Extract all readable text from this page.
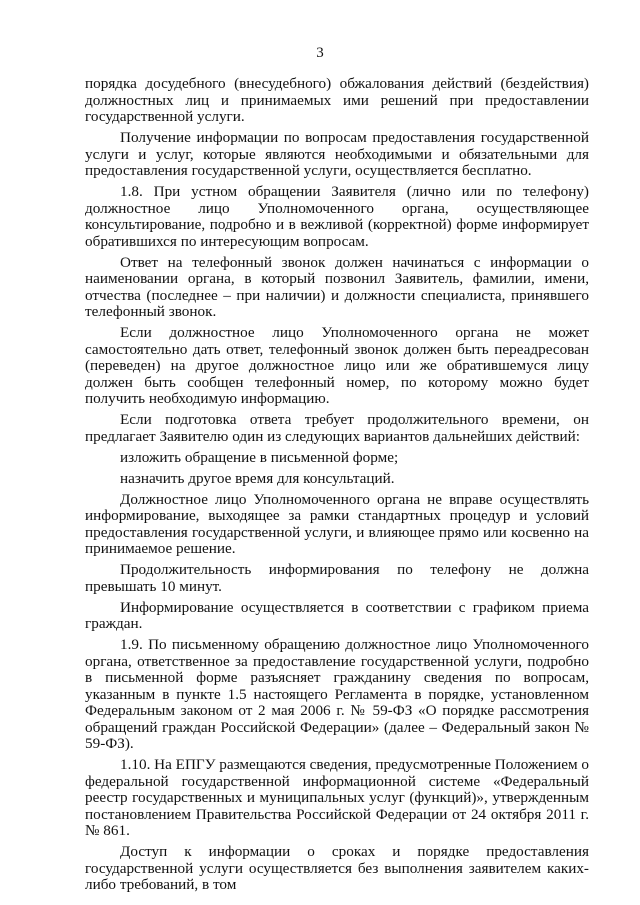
3

порядка досудебного (внесудебного) обжалования действий (бездействия) должностных лиц и принимаемых ими решений при предоставлении государственной услуги.

Получение информации по вопросам предоставления государственной услуги и услуг, которые являются необходимыми и обязательными для предоставления государственной услуги, осуществляется бесплатно.

1.8. При устном обращении Заявителя (лично или по телефону) должностное лицо Уполномоченного органа, осуществляющее консультирование, подробно и в вежливой (корректной) форме информирует обратившихся по интересующим вопросам.

Ответ на телефонный звонок должен начинаться с информации о наименовании органа, в который позвонил Заявитель, фамилии, имени, отчества (последнее – при наличии) и должности специалиста, принявшего телефонный звонок.

Если должностное лицо Уполномоченного органа не может самостоятельно дать ответ, телефонный звонок должен быть переадресован (переведен) на другое должностное лицо или же обратившемуся лицу должен быть сообщен телефонный номер, по которому можно будет получить необходимую информацию.

Если подготовка ответа требует продолжительного времени, он предлагает Заявителю один из следующих вариантов дальнейших действий:

изложить обращение в письменной форме;

назначить другое время для консультаций.

Должностное лицо Уполномоченного органа не вправе осуществлять информирование, выходящее за рамки стандартных процедур и условий предоставления государственной услуги, и влияющее прямо или косвенно на принимаемое решение.

Продолжительность информирования по телефону не должна превышать 10 минут.

Информирование осуществляется в соответствии с графиком приема граждан.

1.9. По письменному обращению должностное лицо Уполномоченного органа, ответственное за предоставление государственной услуги, подробно в письменной форме разъясняет гражданину сведения по вопросам, указанным в пункте 1.5 настоящего Регламента в порядке, установленном Федеральным законом от 2 мая 2006 г. № 59-ФЗ «О порядке рассмотрения обращений граждан Российской Федерации» (далее – Федеральный закон № 59-ФЗ).

1.10. На ЕПГУ размещаются сведения, предусмотренные Положением о федеральной государственной информационной системе «Федеральный реестр государственных и муниципальных услуг (функций)», утвержденным постановлением Правительства Российской Федерации от 24 октября 2011 г. № 861.

Доступ к информации о сроках и порядке предоставления государственной услуги осуществляется без выполнения заявителем каких-либо требований, в том
